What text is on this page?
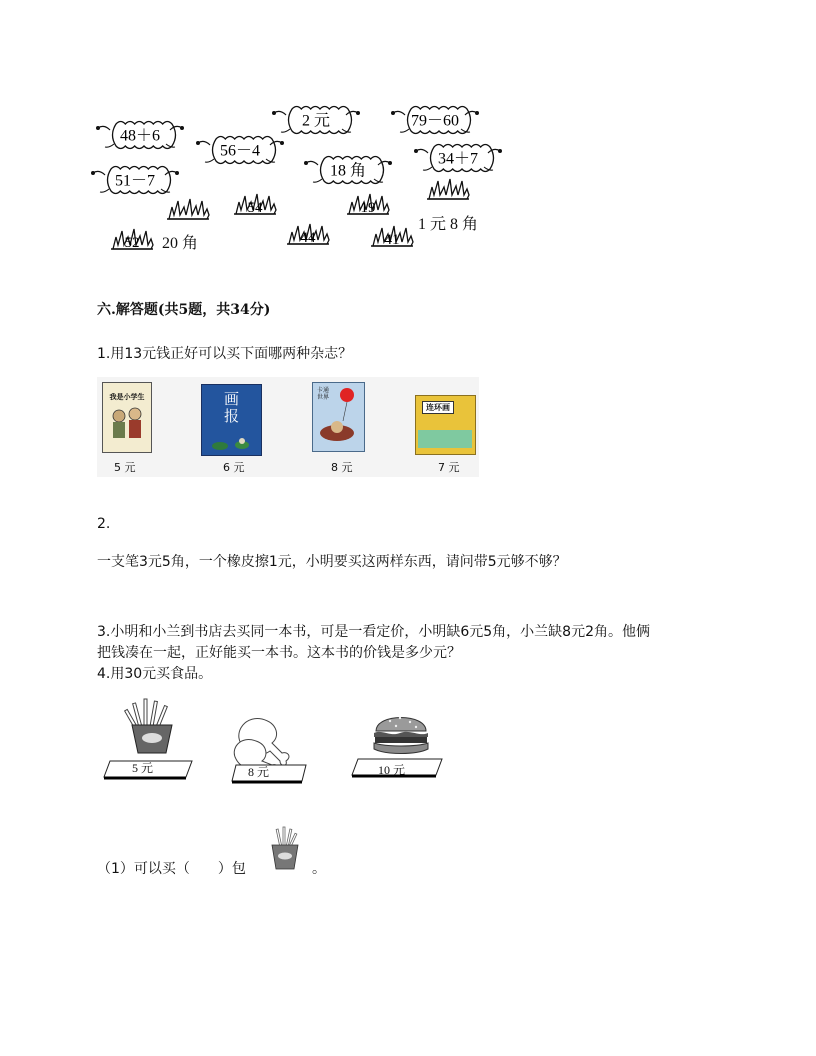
48＋6
2 元	79－60
56－4
51－7
18 角
34＋7
54	19
52	44	41
20 角
1 元 8 角
六.解答题(共5题，共34分)
1.用13元钱正好可以买下面哪两种杂志？
我是小学生
5 元
画报
6 元
卡通世界
8 元
连环画
7 元
2.
一支笔3元5角，一个橡皮擦1元，小明要买这两样东西，请问带5元够不够？
3.小明和小兰到书店去买同一本书，可是一看定价，小明缺6元5角，小兰缺8元2角。他俩
把钱凑在一起，正好能买一本书。这本书的价钱是多少元？
4.用30元买食品。
5 元	8 元	10 元
（1）可以买（　　）包	。
